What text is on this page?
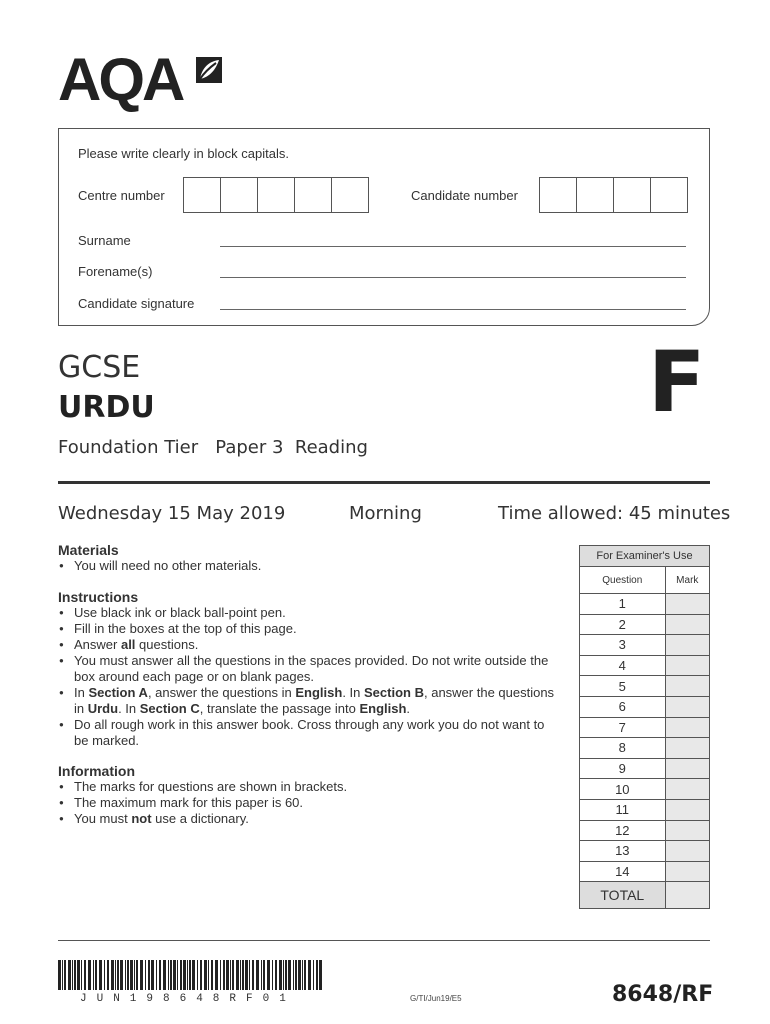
AQA
Please write clearly in block capitals.
Centre number	Candidate number
Surname
Forename(s)
Candidate signature
GCSE
URDU
Foundation Tier   Paper 3  Reading
F
Wednesday 15 May 2019	Morning	Time allowed: 45 minutes
Materials
● You will need no other materials.
Instructions
● Use black ink or black ball-point pen.
● Fill in the boxes at the top of this page.
● Answer all questions.
● You must answer all the questions in the spaces provided. Do not write outside the box around each page or on blank pages.
● In Section A, answer the questions in English. In Section B, answer the questions in Urdu. In Section C, translate the passage into English.
● Do all rough work in this answer book. Cross through any work you do not want to be marked.
Information
● The marks for questions are shown in brackets.
● The maximum mark for this paper is 60.
● You must not use a dictionary.
For Examiner's Use	
Question	Mark
1	
2	
3	
4	
5	
6	
7	
8	
9	
10	
11	
12	
13	
14	
TOTAL	
JUN198648RF01	G/TI/Jun19/E5	8648/RF
